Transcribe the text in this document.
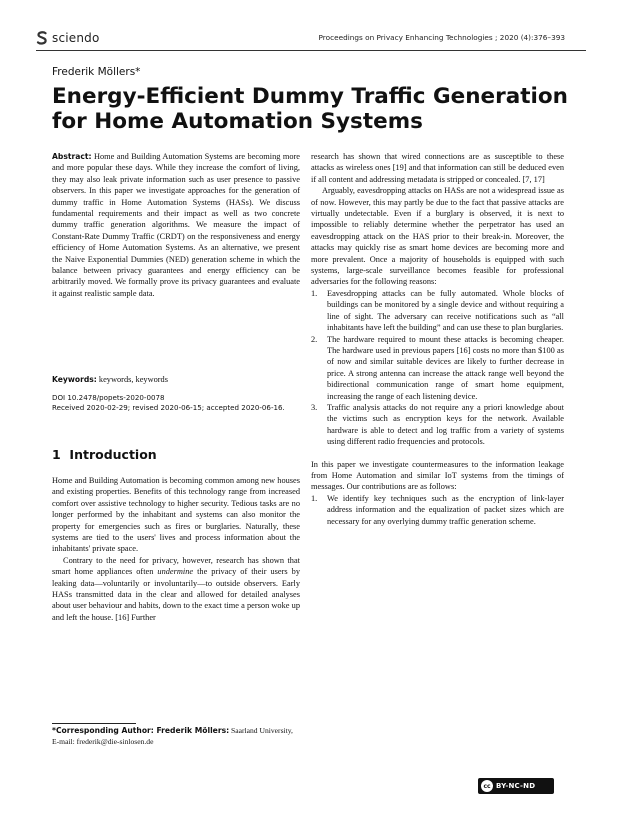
sciendo	Proceedings on Privacy Enhancing Technologies ; 2020 (4):376–393
Frederik Möllers*
Energy-Efficient Dummy Traffic Generation for Home Automation Systems

Abstract: Home and Building Automation Systems are becoming more and more popular these days. While they increase the comfort of living, they may also leak private information such as user presence to passive observers. In this paper we investigate approaches for the generation of dummy traffic in Home Automation Systems (HASs). We discuss fundamental requirements and their impact as well as two concrete dummy traffic generation algorithms. We measure the impact of Constant-Rate Dummy Traffic (CRDT) on the responsiveness and energy efficiency of Home Automation Systems. As an alternative, we present the Naive Exponential Dummies (NED) generation scheme in which the balance between privacy guarantees and energy efficiency can be arbitrarily moved. We formally prove its privacy guarantees and evaluate it against realistic sample data.

Keywords: keywords, keywords

DOI 10.2478/popets-2020-0078
Received 2020-02-29; revised 2020-06-15; accepted 2020-06-16.
1 Introduction

Home and Building Automation is becoming common among new houses and existing properties. Benefits of this technology range from increased comfort over assistive technology to higher security. Tedious tasks are no longer performed by the inhabitant and systems can also monitor the property for emergencies such as fires or burglaries. Naturally, these systems are tied to the users' lives and process information about the inhabitants' private space.

Contrary to the need for privacy, however, research has shown that smart home appliances often undermine the privacy of their users by leaking data—voluntarily or involuntarily—to outside observers. Early HASs transmitted data in the clear and allowed for detailed analyses about user behaviour and habits, down to the exact time a person woke up and left the house. [16] Further

*Corresponding Author: Frederik Möllers: Saarland University, E-mail: frederik@die-sinlosen.de

research has shown that wired connections are as susceptible to these attacks as wireless ones [19] and that information can still be deduced even if all content and addressing metadata is stripped or concealed. [7, 17]

Arguably, eavesdropping attacks on HASs are not a widespread issue as of now. However, this may partly be due to the fact that passive attacks are virtually undetectable. Even if a burglary is observed, it is next to impossible to reliably determine whether the perpetrator has used an eavesdropping attack on the HAS prior to their break-in. Moreover, the attacks may quickly rise as smart home devices are becoming more and more prevalent. Once a majority of households is equipped with such systems, large-scale surveillance becomes feasible for professional adversaries for the following reasons:

1. Eavesdropping attacks can be fully automated. Whole blocks of buildings can be monitored by a single device and without requiring a line of sight. The adversary can receive notifications such as “all inhabitants have left the building” and can use these to plan burglaries.
2. The hardware required to mount these attacks is becoming cheaper. The hardware used in previous papers [16] costs no more than $100 as of now and similar suitable devices are likely to further decrease in price. A strong antenna can increase the attack range well beyond the bidirectional communication range of smart home equipment, increasing the range of each listening device.
3. Traffic analysis attacks do not require any a priori knowledge about the victims such as encryption keys for the network. Available hardware is able to detect and log traffic from a variety of systems using different radio frequencies and protocols.

In this paper we investigate countermeasures to the information leakage from Home Automation and similar IoT systems from the timings of messages. Our contributions are as follows:

1. We identify key techniques such as the encryption of link-layer address information and the equalization of packet sizes which are necessary for any overlying dummy traffic generation scheme.
cc BY-NC-ND
